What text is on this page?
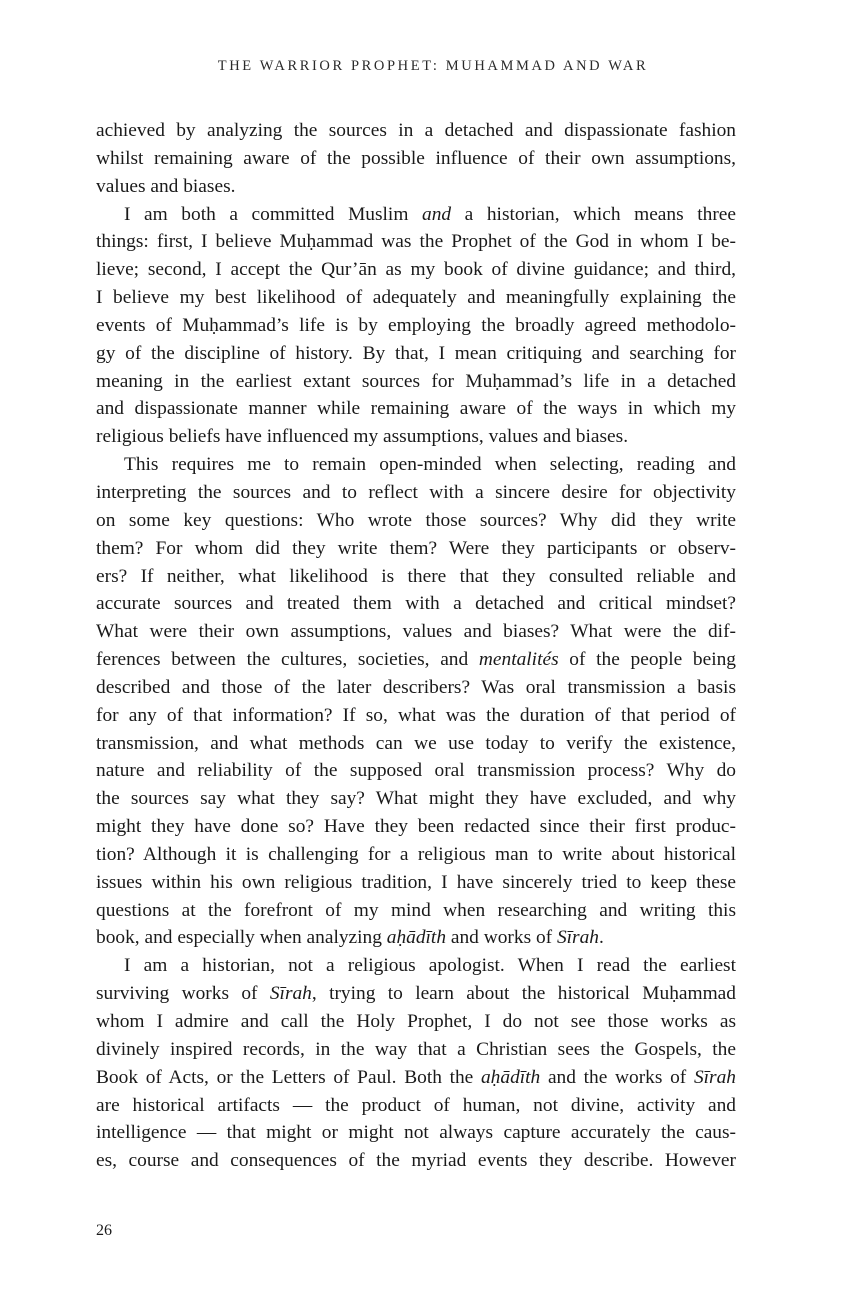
THE WARRIOR PROPHET: MUHAMMAD AND WAR
achieved by analyzing the sources in a detached and dispassionate fashion
whilst remaining aware of the possible influence of their own assumptions,
values and biases.
I am both a committed Muslim and a historian, which means three
things: first, I believe Muḥammad was the Prophet of the God in whom I be-
lieve; second, I accept the Qur’ān as my book of divine guidance; and third,
I believe my best likelihood of adequately and meaningfully explaining the
events of Muḥammad’s life is by employing the broadly agreed methodolo-
gy of the discipline of history. By that, I mean critiquing and searching for
meaning in the earliest extant sources for Muḥammad’s life in a detached
and dispassionate manner while remaining aware of the ways in which my
religious beliefs have influenced my assumptions, values and biases.
This requires me to remain open-minded when selecting, reading and
interpreting the sources and to reflect with a sincere desire for objectivity
on some key questions: Who wrote those sources? Why did they write
them? For whom did they write them? Were they participants or observ-
ers? If neither, what likelihood is there that they consulted reliable and
accurate sources and treated them with a detached and critical mindset?
What were their own assumptions, values and biases? What were the dif-
ferences between the cultures, societies, and mentalités of the people being
described and those of the later describers? Was oral transmission a basis
for any of that information? If so, what was the duration of that period of
transmission, and what methods can we use today to verify the existence,
nature and reliability of the supposed oral transmission process? Why do
the sources say what they say? What might they have excluded, and why
might they have done so? Have they been redacted since their first produc-
tion? Although it is challenging for a religious man to write about historical
issues within his own religious tradition, I have sincerely tried to keep these
questions at the forefront of my mind when researching and writing this
book, and especially when analyzing aḥādīth and works of Sīrah.
I am a historian, not a religious apologist. When I read the earliest
surviving works of Sīrah, trying to learn about the historical Muḥammad
whom I admire and call the Holy Prophet, I do not see those works as
divinely inspired records, in the way that a Christian sees the Gospels, the
Book of Acts, or the Letters of Paul. Both the aḥādīth and the works of Sīrah
are historical artifacts — the product of human, not divine, activity and
intelligence — that might or might not always capture accurately the caus-
es, course and consequences of the myriad events they describe. However
26
